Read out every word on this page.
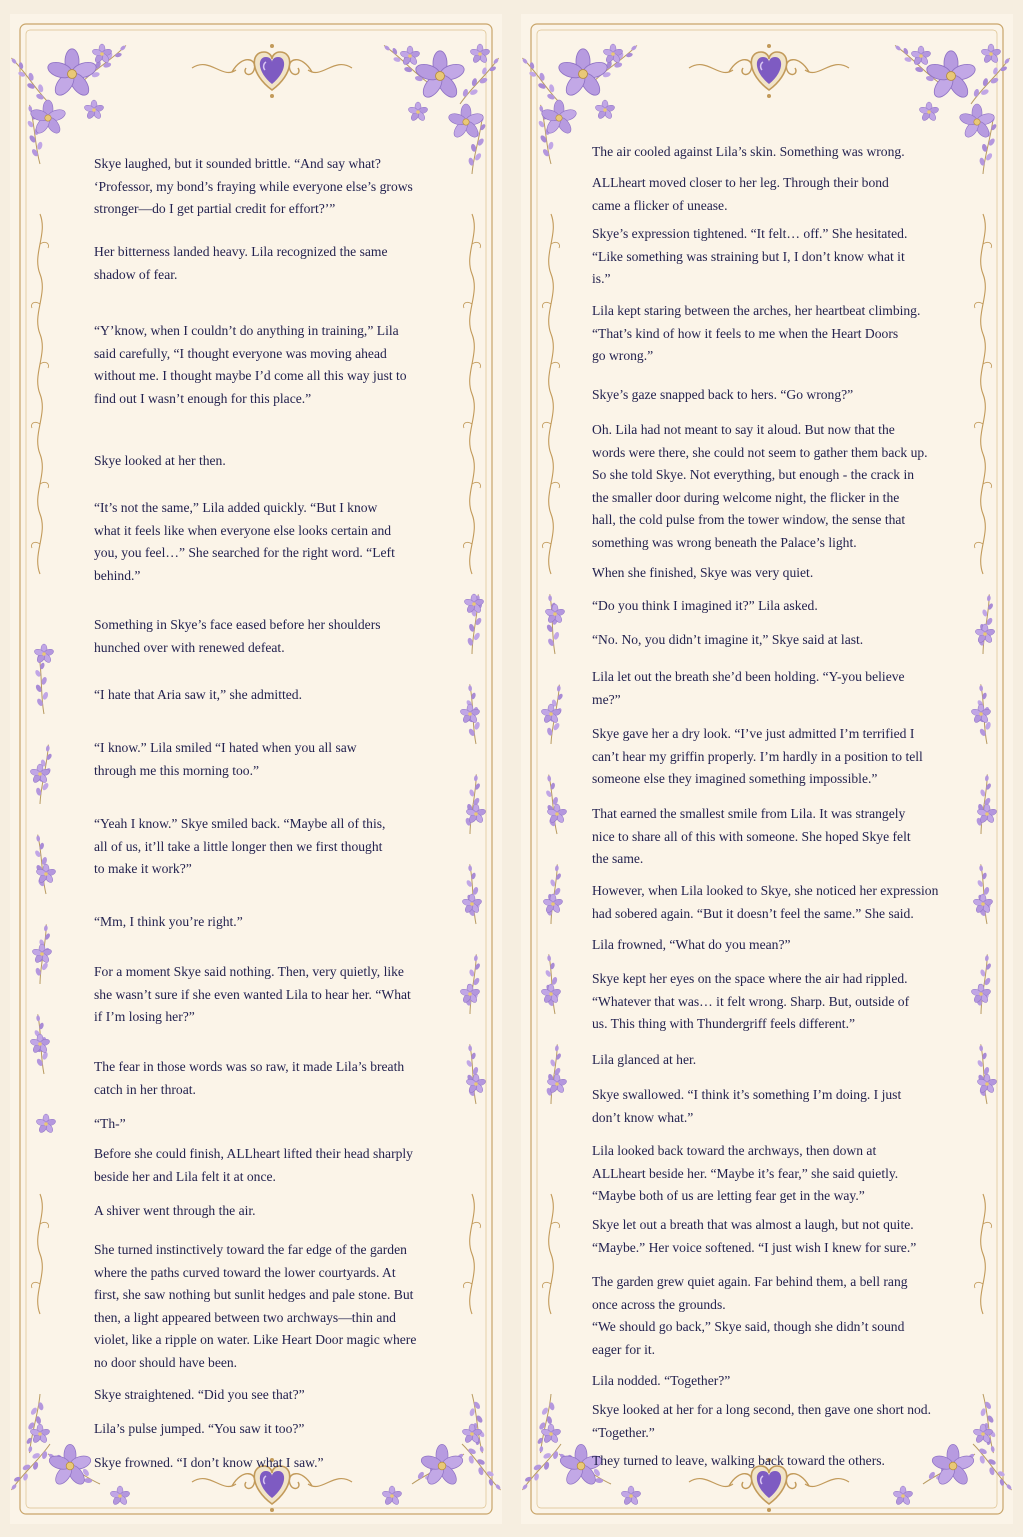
Skye laughed, but it sounded brittle. “And say what?
‘Professor, my bond’s fraying while everyone else’s grows
stronger—do I get partial credit for effort?’”

Her bitterness landed heavy. Lila recognized the same
shadow of fear.

“Y’know, when I couldn’t do anything in training,” Lila
said carefully, “I thought everyone was moving ahead
without me. I thought maybe I’d come all this way just to
find out I wasn’t enough for this place.”

Skye looked at her then.

“It’s not the same,” Lila added quickly. “But I know
what it feels like when everyone else looks certain and
you, you feel…” She searched for the right word. “Left
behind.”

Something in Skye’s face eased before her shoulders
hunched over with renewed defeat.

“I hate that Aria saw it,” she admitted.

“I know.” Lila smiled “I hated when you all saw
through me this morning too.”

“Yeah I know.” Skye smiled back. “Maybe all of this,
all of us, it’ll take a little longer then we first thought
to make it work?”

“Mm, I think you’re right.”

For a moment Skye said nothing. Then, very quietly, like
she wasn’t sure if she even wanted Lila to hear her. “What
if I’m losing her?”

The fear in those words was so raw, it made Lila’s breath
catch in her throat.

“Th-”

Before she could finish, ALLheart lifted their head sharply
beside her and Lila felt it at once.

A shiver went through the air.

She turned instinctively toward the far edge of the garden
where the paths curved toward the lower courtyards. At
first, she saw nothing but sunlit hedges and pale stone. But
then, a light appeared between two archways—thin and
violet, like a ripple on water. Like Heart Door magic where
no door should have been.

Skye straightened. “Did you see that?”

Lila’s pulse jumped. “You saw it too?”

Skye frowned. “I don’t know what I saw.”

The air cooled against Lila’s skin. Something was wrong.

ALLheart moved closer to her leg. Through their bond
came a flicker of unease.

Skye’s expression tightened. “It felt… off.” She hesitated.
“Like something was straining but I, I don’t know what it
is.”

Lila kept staring between the arches, her heartbeat climbing.
“That’s kind of how it feels to me when the Heart Doors
go wrong.”

Skye’s gaze snapped back to hers. “Go wrong?”

Oh. Lila had not meant to say it aloud. But now that the
words were there, she could not seem to gather them back up.
So she told Skye. Not everything, but enough - the crack in
the smaller door during welcome night, the flicker in the
hall, the cold pulse from the tower window, the sense that
something was wrong beneath the Palace’s light.

When she finished, Skye was very quiet.

“Do you think I imagined it?” Lila asked.

“No. No, you didn’t imagine it,” Skye said at last.

Lila let out the breath she’d been holding. “Y-you believe
me?”

Skye gave her a dry look. “I’ve just admitted I’m terrified I
can’t hear my griffin properly. I’m hardly in a position to tell
someone else they imagined something impossible.”

That earned the smallest smile from Lila. It was strangely
nice to share all of this with someone. She hoped Skye felt
the same.

However, when Lila looked to Skye, she noticed her expression
had sobered again. “But it doesn’t feel the same.” She said.

Lila frowned, “What do you mean?”

Skye kept her eyes on the space where the air had rippled.
“Whatever that was… it felt wrong. Sharp. But, outside of
us. This thing with Thundergriff feels different.”

Lila glanced at her.

Skye swallowed. “I think it’s something I’m doing. I just
don’t know what.”

Lila looked back toward the archways, then down at
ALLheart beside her. “Maybe it’s fear,” she said quietly.
“Maybe both of us are letting fear get in the way.”

Skye let out a breath that was almost a laugh, but not quite.
“Maybe.” Her voice softened. “I just wish I knew for sure.”

The garden grew quiet again. Far behind them, a bell rang
once across the grounds.

“We should go back,” Skye said, though she didn’t sound
eager for it.

Lila nodded. “Together?”

Skye looked at her for a long second, then gave one short nod.
“Together.”

They turned to leave, walking back toward the others.
